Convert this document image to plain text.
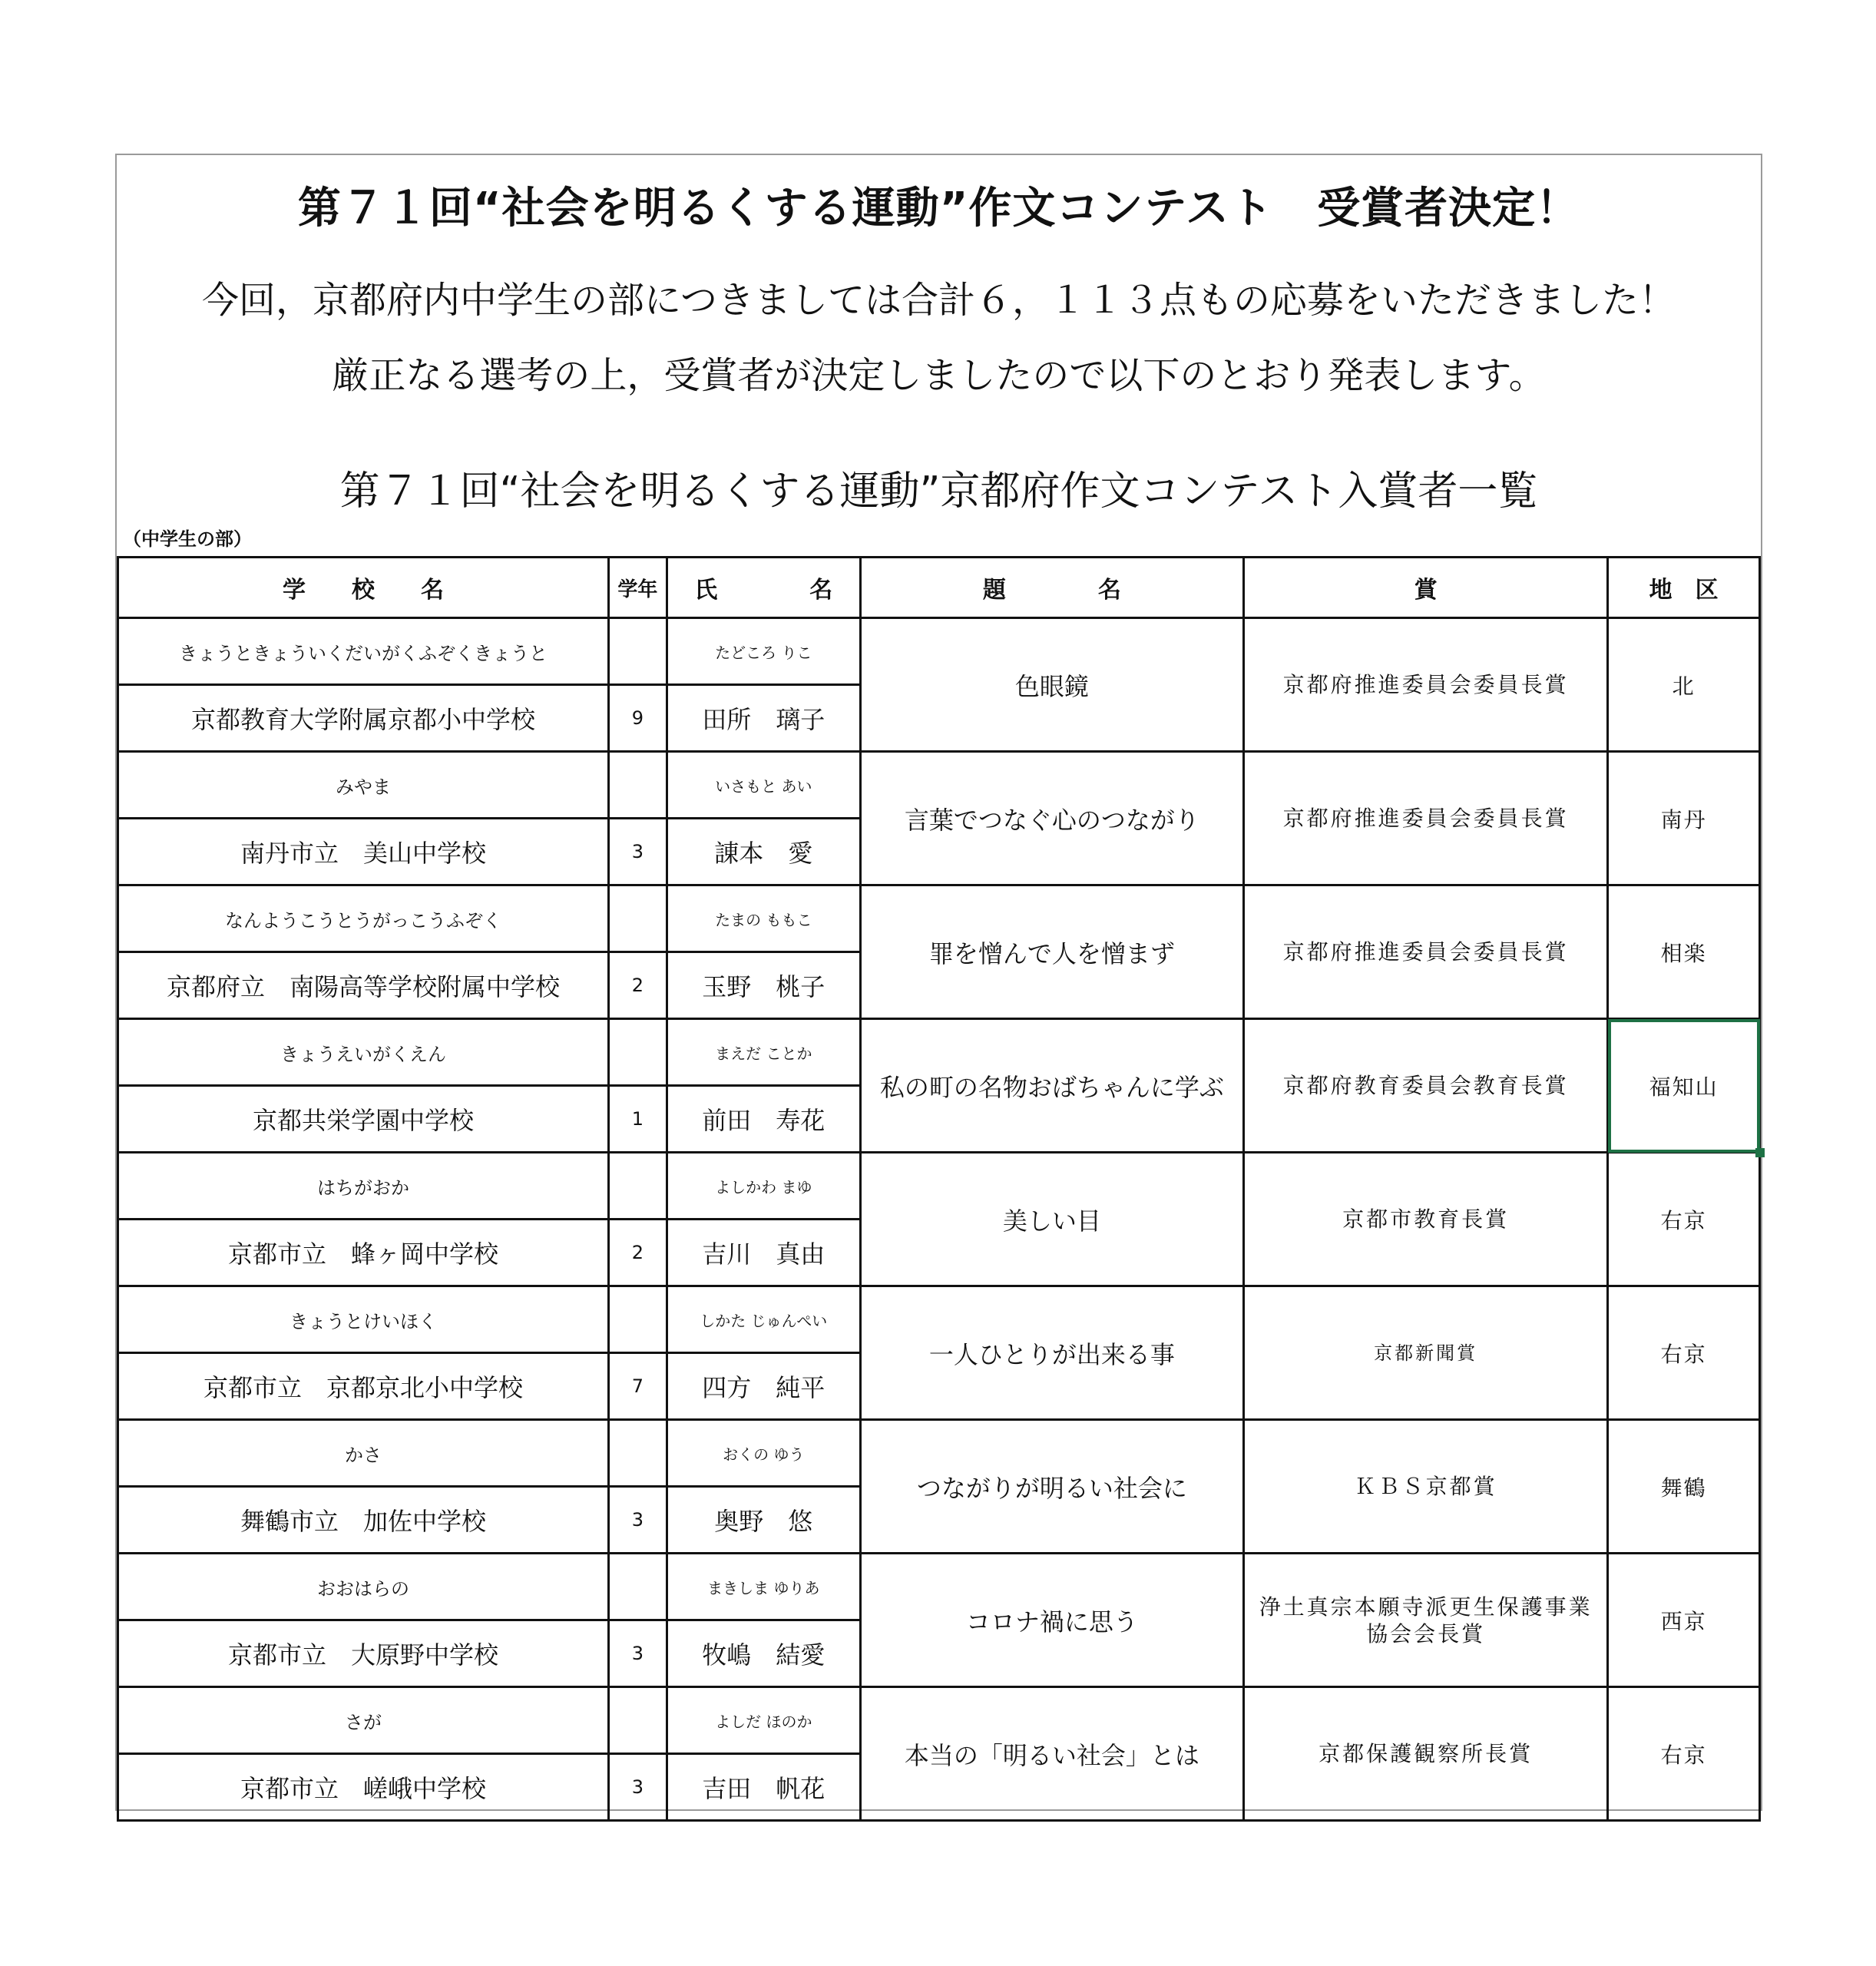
第７１回“社会を明るくする運動”作文コンテスト　受賞者決定！
今回，京都府内中学生の部につきましては合計６，１１３点もの応募をいただきました！
厳正なる選考の上，受賞者が決定しましたので以下のとおり発表します。
第７１回“社会を明るくする運動”京都府作文コンテスト入賞者一覧
（中学生の部）
学　　校　　名	学年	氏　　　　名	題　　　　名	賞	地　区
きょうときょういくだいがくふぞくきょうと		たどころ りこ	色眼鏡	京都府推進委員会委員長賞	北
京都教育大学附属京都小中学校	9	田所　璃子			
みやま		いさもと あい	言葉でつなぐ心のつながり	京都府推進委員会委員長賞	南丹
南丹市立　美山中学校	3	諌本　愛			
なんようこうとうがっこうふぞく		たまの ももこ	罪を憎んで人を憎まず	京都府推進委員会委員長賞	相楽
京都府立　南陽高等学校附属中学校	2	玉野　桃子			
きょうえいがくえん		まえだ ことか	私の町の名物おばちゃんに学ぶ	京都府教育委員会教育長賞	福知山

京都共栄学園中学校	1	前田　寿花			
はちがおか		よしかわ まゆ	美しい目	京都市教育長賞	右京
京都市立　蜂ヶ岡中学校	2	吉川　真由			
きょうとけいほく		しかた じゅんぺい	一人ひとりが出来る事	京都新聞賞	右京
京都市立　京都京北小中学校	7	四方　純平			
かさ		おくの ゆう	つながりが明るい社会に	ＫＢＳ京都賞	舞鶴
舞鶴市立　加佐中学校	3	奥野　悠			
おおはらの		まきしま ゆりあ	コロナ禍に思う	浄土真宗本願寺派更生保護事業協会会長賞	西京
京都市立　大原野中学校	3	牧嶋　結愛			
さが		よしだ ほのか	本当の「明るい社会」とは	京都保護観察所長賞	右京
京都市立　嵯峨中学校	3	吉田　帆花			
